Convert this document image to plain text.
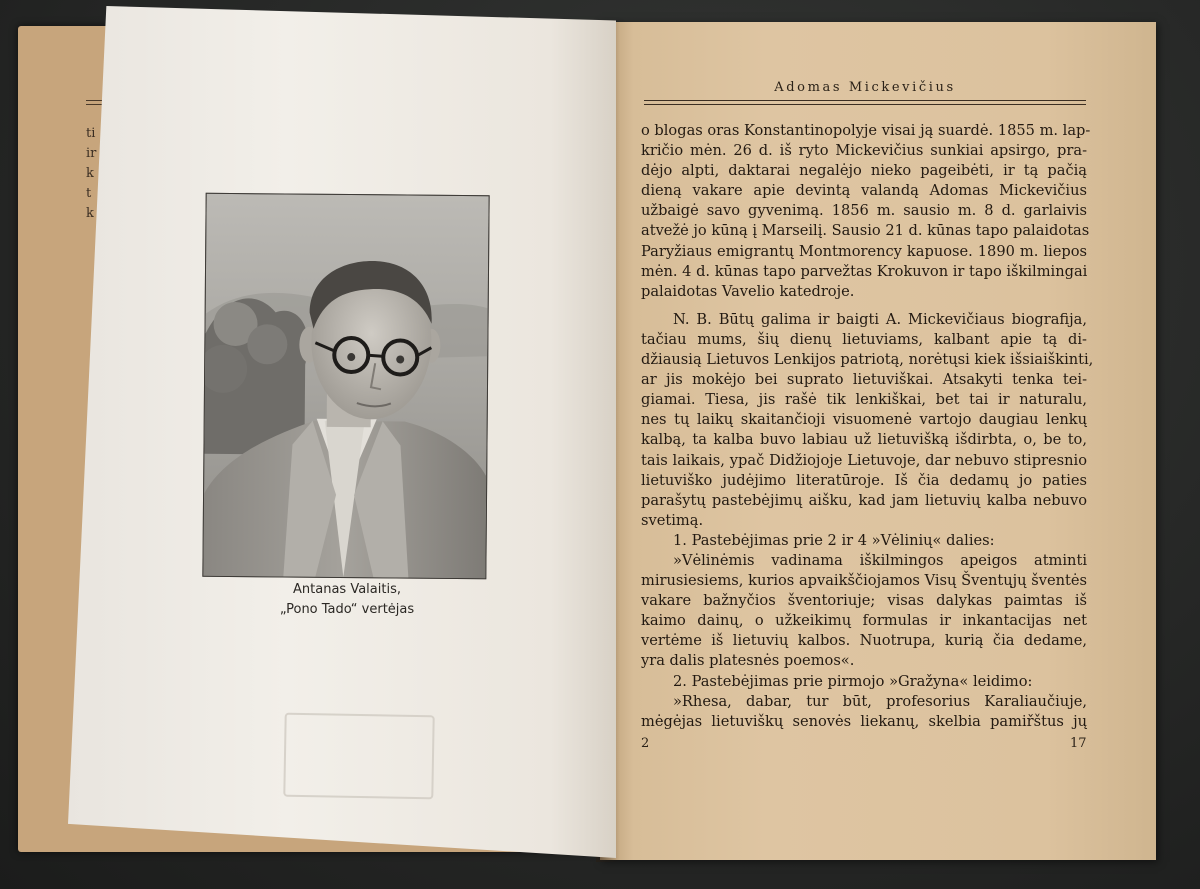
ti
ir
k
t
k
Antanas Valaitis,
„Pono Tado“ vertėjas
Adomas Mickevičius
o blogas oras Konstantinopolyje visai ją suardė. 1855 m. lap-
kričio mėn. 26 d. iš ryto Mickevičius sunkiai apsirgo, pra-
dėjo alpti, daktarai negalėjo nieko pageibėti, ir tą pačią
dieną vakare apie devintą valandą Adomas Mickevičius
užbaigė savo gyvenimą. 1856 m. sausio m. 8 d. garlaivis
atvežė jo kūną į Marseilį. Sausio 21 d. kūnas tapo palaidotas
Paryžiaus emigrantų Montmorency kapuose. 1890 m. liepos
mėn. 4 d. kūnas tapo parvežtas Krokuvon ir tapo iškilmingai
palaidotas Vavelio katedroje.
N. B. Būtų galima ir baigti A. Mickevičiaus biografija,
tačiau mums, šių dienų lietuviams, kalbant apie tą di-
džiausią Lietuvos Lenkijos patriotą, norėtųsi kiek išsiaiškinti,
ar jis mokėjo bei suprato lietuviškai. Atsakyti tenka tei-
giamai. Tiesa, jis rašė tik lenkiškai, bet tai ir naturalu,
nes tų laikų skaitančioji visuomenė vartojo daugiau lenkų
kalbą, ta kalba buvo labiau už lietuvišką išdirbta, o, be to,
tais laikais, ypač Didžiojoje Lietuvoje, dar nebuvo stipresnio
lietuviško judėjimo literatūroje. Iš čia dedamų jo paties
parašytų pastebėjimų aišku, kad jam lietuvių kalba nebuvo
svetimą.
1. Pastebėjimas prie 2 ir 4 »Vėlinių« dalies:
»Vėlinėmis vadinama iškilmingos apeigos atminti
mirusiesiems, kurios apvaikščiojamos Visų Šventųjų šventės
vakare bažnyčios šventoriuje; visas dalykas paimtas iš
kaimo dainų, o užkeikimų formulas ir inkantacijas net
vertėme iš lietuvių kalbos. Nuotrupa, kurią čia dedame,
yra dalis platesnės poemos«.
2. Pastebėjimas prie pirmojo »Gražyna« leidimo:
»Rhesa, dabar, tur būt, profesorius Karaliaučiuje,
mėgėjas lietuviškų senovės liekanų, skelbia pamiřštus jų
2	17
